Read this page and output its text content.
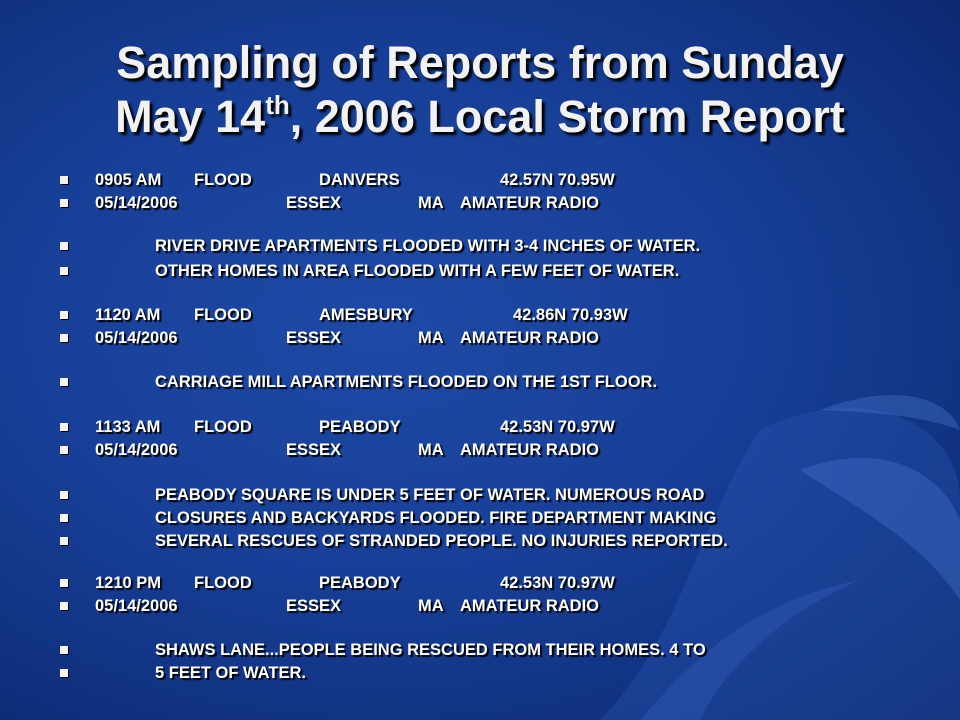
Sampling of Reports from Sunday
May 14th, 2006 Local Storm Report
0905 AM FLOOD	DANVERS	42.57N 70.95W
05/14/2006	ESSEX	MA AMATEUR RADIO
RIVER DRIVE APARTMENTS FLOODED WITH 3-4 INCHES OF WATER.
OTHER HOMES IN AREA FLOODED WITH A FEW FEET OF WATER.
1120 AM FLOOD	AMESBURY	42.86N 70.93W
05/14/2006	ESSEX	MA AMATEUR RADIO
CARRIAGE MILL APARTMENTS FLOODED ON THE 1ST FLOOR.
1133 AM FLOOD	PEABODY	42.53N 70.97W
05/14/2006	ESSEX	MA AMATEUR RADIO
PEABODY SQUARE IS UNDER 5 FEET OF WATER. NUMEROUS ROAD
CLOSURES AND BACKYARDS FLOODED. FIRE DEPARTMENT MAKING
SEVERAL RESCUES OF STRANDED PEOPLE. NO INJURIES REPORTED.
1210 PM FLOOD	PEABODY	42.53N 70.97W
05/14/2006	ESSEX	MA AMATEUR RADIO
SHAWS LANE...PEOPLE BEING RESCUED FROM THEIR HOMES. 4 TO
5 FEET OF WATER.
